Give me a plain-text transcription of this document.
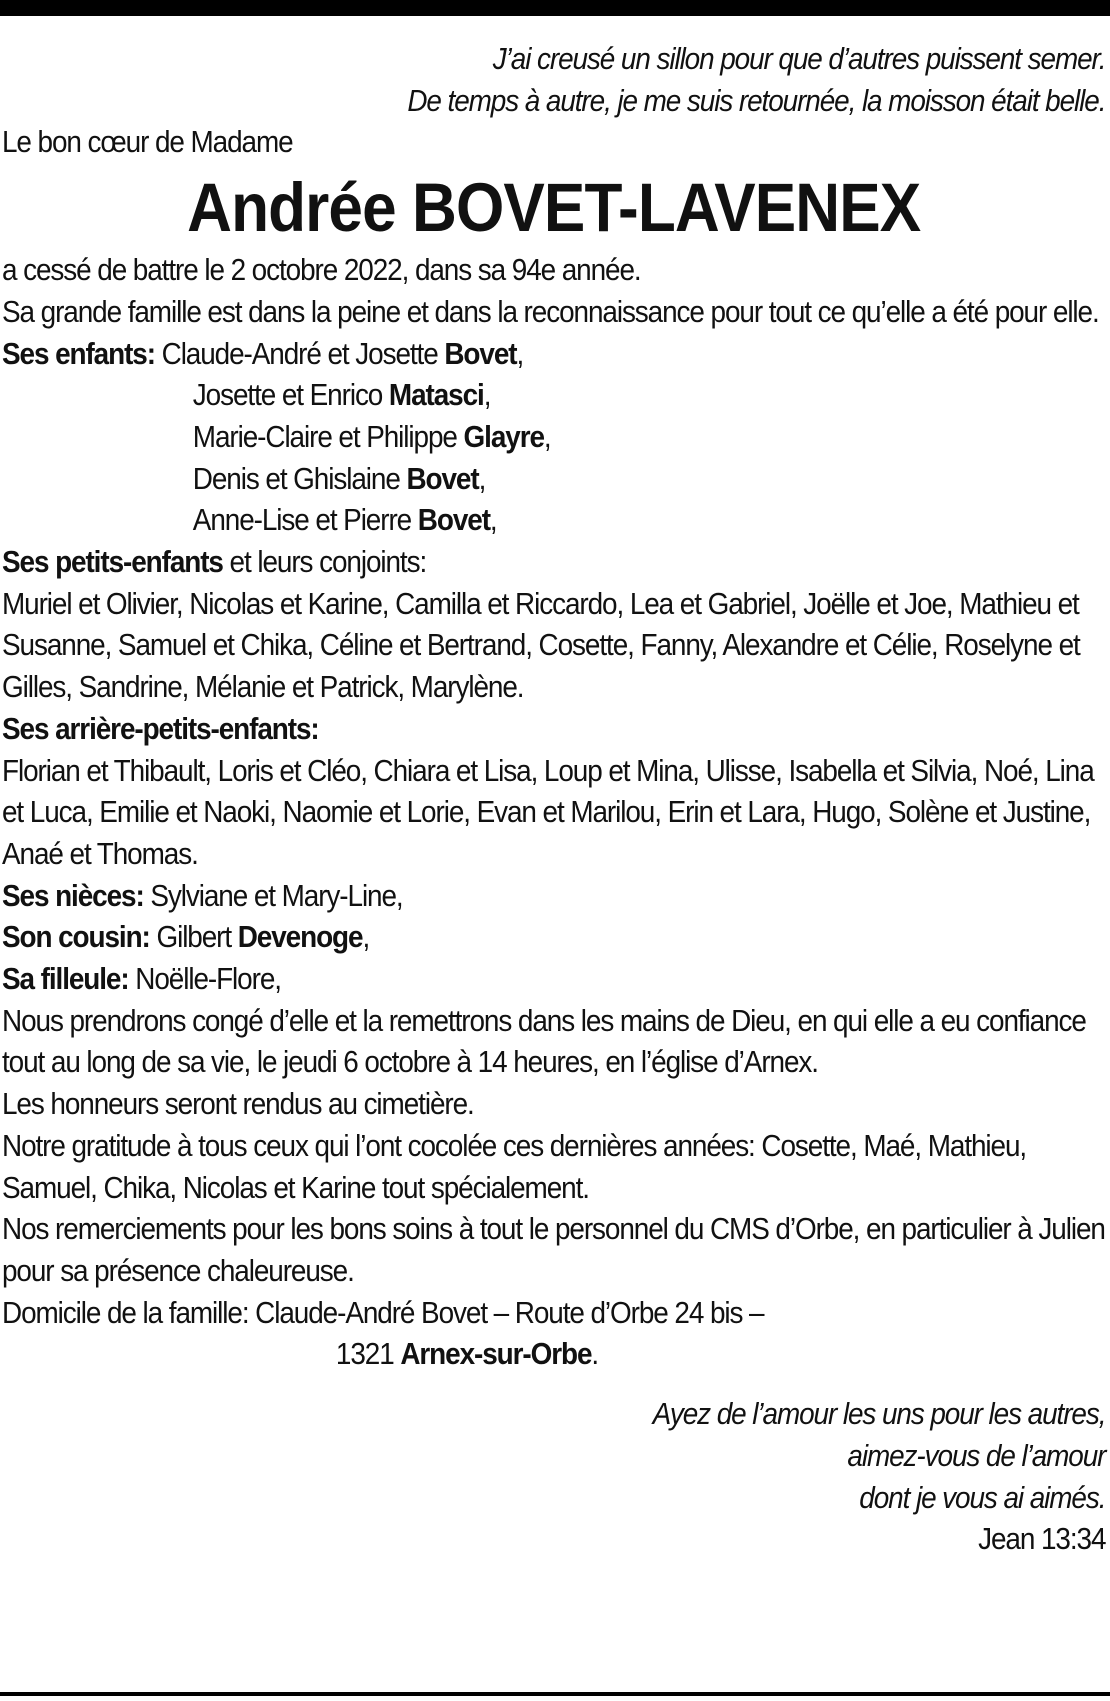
J’ai creusé un sillon pour que d’autres puissent semer.
De temps à autre, je me suis retournée, la moisson était belle.
Le bon cœur de Madame
Andrée BOVET-LAVENEX
a cessé de battre le 2 octobre 2022, dans sa 94e année.
Sa grande famille est dans la peine et dans la reconnaissance pour tout ce qu’elle a été pour elle.
Ses enfants: Claude-André et Josette Bovet,
Josette et Enrico Matasci,
Marie-Claire et Philippe Glayre,
Denis et Ghislaine Bovet,
Anne-Lise et Pierre Bovet,
Ses petits-enfants et leurs conjoints:
Muriel et Olivier, Nicolas et Karine, Camilla et Riccardo, Lea et Gabriel, Joëlle et Joe, Mathieu et Susanne, Samuel et Chika, Céline et Bertrand, Cosette, Fanny, Alexandre et Célie, Roselyne et Gilles, Sandrine, Mélanie et Patrick, Marylène.
Ses arrière-petits-enfants:
Florian et Thibault, Loris et Cléo, Chiara et Lisa, Loup et Mina, Ulisse, Isabella et Silvia, Noé, Lina et Luca, Emilie et Naoki, Naomie et Lorie, Evan et Marilou, Erin et Lara, Hugo, Solène et Justine, Anaé et Thomas.
Ses nièces: Sylviane et Mary-Line,
Son cousin: Gilbert Devenoge,
Sa filleule: Noëlle-Flore,
Nous prendrons congé d’elle et la remettrons dans les mains de Dieu, en qui elle a eu confiance tout au long de sa vie, le jeudi 6 octobre à 14 heures, en l’église d’Arnex.
Les honneurs seront rendus au cimetière.
Notre gratitude à tous ceux qui l’ont cocolée ces dernières années: Cosette, Maé, Mathieu, Samuel, Chika, Nicolas et Karine tout spécialement.
Nos remerciements pour les bons soins à tout le personnel du CMS d’Orbe, en particulier à Julien pour sa présence chaleureuse.
Domicile de la famille: Claude-André Bovet – Route d’Orbe 24 bis –
1321 Arnex-sur-Orbe.
Ayez de l’amour les uns pour les autres,
aimez-vous de l’amour
dont je vous ai aimés.
Jean 13:34
